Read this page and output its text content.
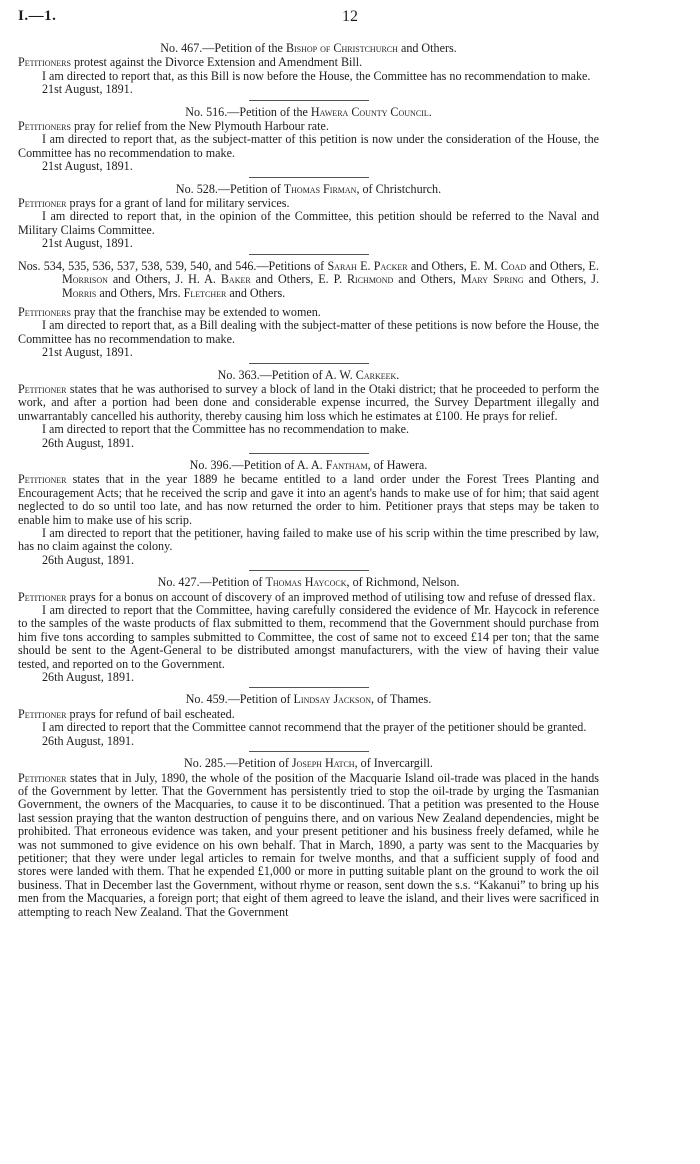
I.—1.	12

No. 467.—Petition of the Bishop of Christchurch and Others.

Petitioners protest against the Divorce Extension and Amendment Bill.

I am directed to report that, as this Bill is now before the House, the Committee has no recommendation to make.

21st August, 1891.

No. 516.—Petition of the Hawera County Council.

Petitioners pray for relief from the New Plymouth Harbour rate.

I am directed to report that, as the subject-matter of this petition is now under the consideration of the House, the Committee has no recommendation to make.

21st August, 1891.

No. 528.—Petition of Thomas Firman, of Christchurch.

Petitioner prays for a grant of land for military services.

I am directed to report that, in the opinion of the Committee, this petition should be referred to the Naval and Military Claims Committee.

21st August, 1891.

Nos. 534, 535, 536, 537, 538, 539, 540, and 546.—Petitions of Sarah E. Packer and Others, E. M. Coad and Others, E. Morrison and Others, J. H. A. Baker and Others, E. P. Richmond and Others, Mary Spring and Others, J. Morris and Others, Mrs. Fletcher and Others.

Petitioners pray that the franchise may be extended to women.

I am directed to report that, as a Bill dealing with the subject-matter of these petitions is now before the House, the Committee has no recommendation to make.

21st August, 1891.

No. 363.—Petition of A. W. Carkeek.

Petitioner states that he was authorised to survey a block of land in the Otaki district; that he proceeded to perform the work, and after a portion had been done and considerable expense incurred, the Survey Department illegally and unwarrantably cancelled his authority, thereby causing him loss which he estimates at £100. He prays for relief.

I am directed to report that the Committee has no recommendation to make.

26th August, 1891.

No. 396.—Petition of A. A. Fantham, of Hawera.

Petitioner states that in the year 1889 he became entitled to a land order under the Forest Trees Planting and Encouragement Acts; that he received the scrip and gave it into an agent's hands to make use of for him; that said agent neglected to do so until too late, and has now returned the order to him. Petitioner prays that steps may be taken to enable him to make use of his scrip.

I am directed to report that the petitioner, having failed to make use of his scrip within the time prescribed by law, has no claim against the colony.

26th August, 1891.

No. 427.—Petition of Thomas Haycock, of Richmond, Nelson.

Petitioner prays for a bonus on account of discovery of an improved method of utilising tow and refuse of dressed flax.

I am directed to report that the Committee, having carefully considered the evidence of Mr. Haycock in reference to the samples of the waste products of flax submitted to them, recommend that the Government should purchase from him five tons according to samples submitted to Committee, the cost of same not to exceed £14 per ton; that the same should be sent to the Agent-General to be distributed amongst manufacturers, with the view of having their value tested, and reported on to the Government.

26th August, 1891.

No. 459.—Petition of Lindsay Jackson, of Thames.

Petitioner prays for refund of bail escheated.

I am directed to report that the Committee cannot recommend that the prayer of the petitioner should be granted.

26th August, 1891.

No. 285.—Petition of Joseph Hatch, of Invercargill.

Petitioner states that in July, 1890, the whole of the position of the Macquarie Island oil-trade was placed in the hands of the Government by letter. That the Government has persistently tried to stop the oil-trade by urging the Tasmanian Government, the owners of the Macquaries, to cause it to be discontinued. That a petition was presented to the House last session praying that the wanton destruction of penguins there, and on various New Zealand dependencies, might be prohibited. That erroneous evidence was taken, and your present petitioner and his business freely defamed, while he was not summoned to give evidence on his own behalf. That in March, 1890, a party was sent to the Macquaries by petitioner; that they were under legal articles to remain for twelve months, and that a sufficient supply of food and stores were landed with them. That he expended £1,000 or more in putting suitable plant on the ground to work the oil business. That in December last the Government, without rhyme or reason, sent down the s.s. “Kakanui” to bring up his men from the Macquaries, a foreign port; that eight of them agreed to leave the island, and their lives were sacrificed in attempting to reach New Zealand. That the Government
